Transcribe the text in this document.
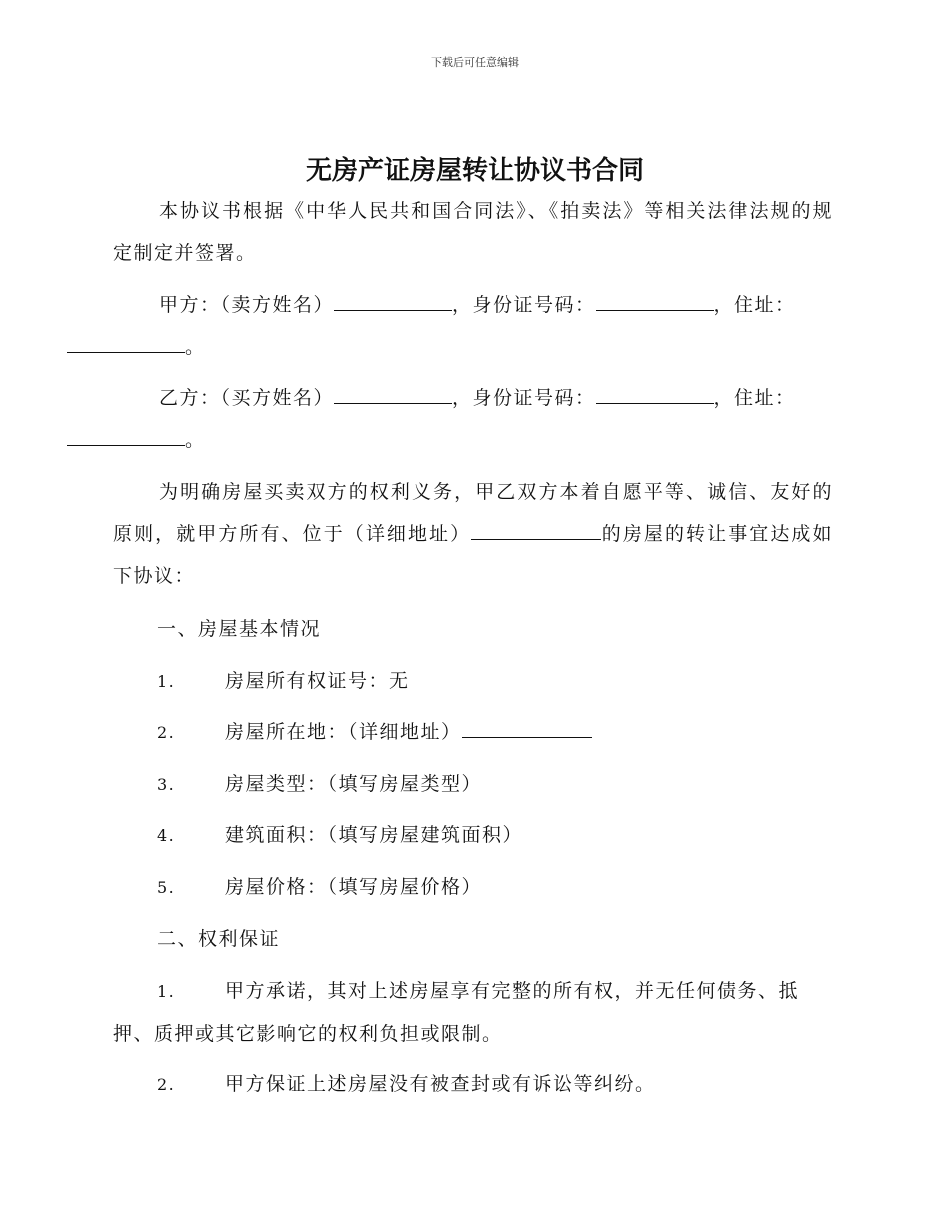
下载后可任意编辑
无房产证房屋转让协议书合同
本协议书根据《中华人民共和国合同法》、《拍卖法》等相关法律法规的规定制定并签署。
甲方：（卖方姓名）	，身份证号码：	，住址：
。
乙方：（买方姓名）	，身份证号码：	，住址：
。
为明确房屋买卖双方的权利义务，甲乙双方本着自愿平等、诚信、友好的原则，就甲方所有、位于（详细地址）	的房屋的转让事宜达成如下协议：
一、房屋基本情况
1.	房屋所有权证号：无
2.	房屋所在地：（详细地址）
3.	房屋类型：（填写房屋类型）
4.	建筑面积：（填写房屋建筑面积）
5.	房屋价格：（填写房屋价格）
二、权利保证
1.	甲方承诺，其对上述房屋享有完整的所有权，并无任何债务、抵押、质押或其它影响它的权利负担或限制。
2.	甲方保证上述房屋没有被查封或有诉讼等纠纷。
